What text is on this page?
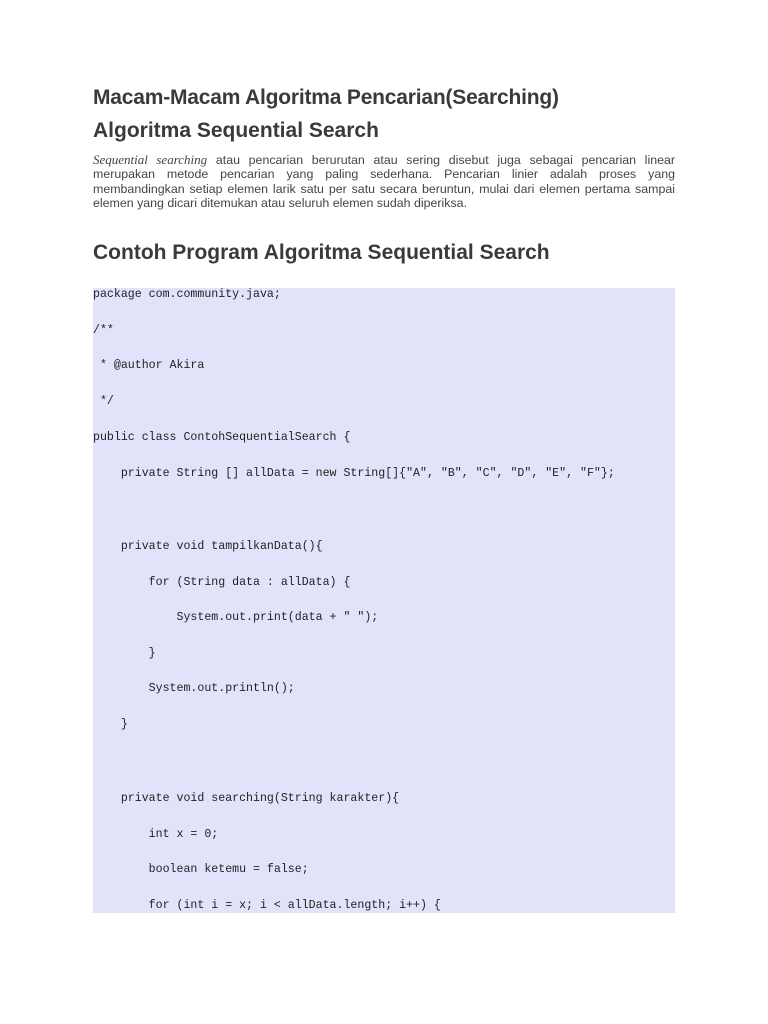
Macam-Macam Algoritma Pencarian(Searching)
Algoritma Sequential Search

Sequential searching atau pencarian berurutan atau sering disebut juga sebagai pencarian linear merupakan metode pencarian yang paling sederhana. Pencarian linier adalah proses yang membandingkan setiap elemen larik satu per satu secara beruntun, mulai dari elemen pertama sampai elemen yang dicari ditemukan atau seluruh elemen sudah diperiksa.

Contoh Program Algoritma Sequential Search
package com.community.java;
/**
* @author Akira
*/
public class ContohSequentialSearch {
private String [] allData = new String[]{"A", "B", "C", "D", "E", "F"};
private void tampilkanData(){
for (String data : allData) {
System.out.print(data + " ");
}
System.out.println();
}
private void searching(String karakter){
int x = 0;
boolean ketemu = false;
for (int i = x; i < allData.length; i++) {
